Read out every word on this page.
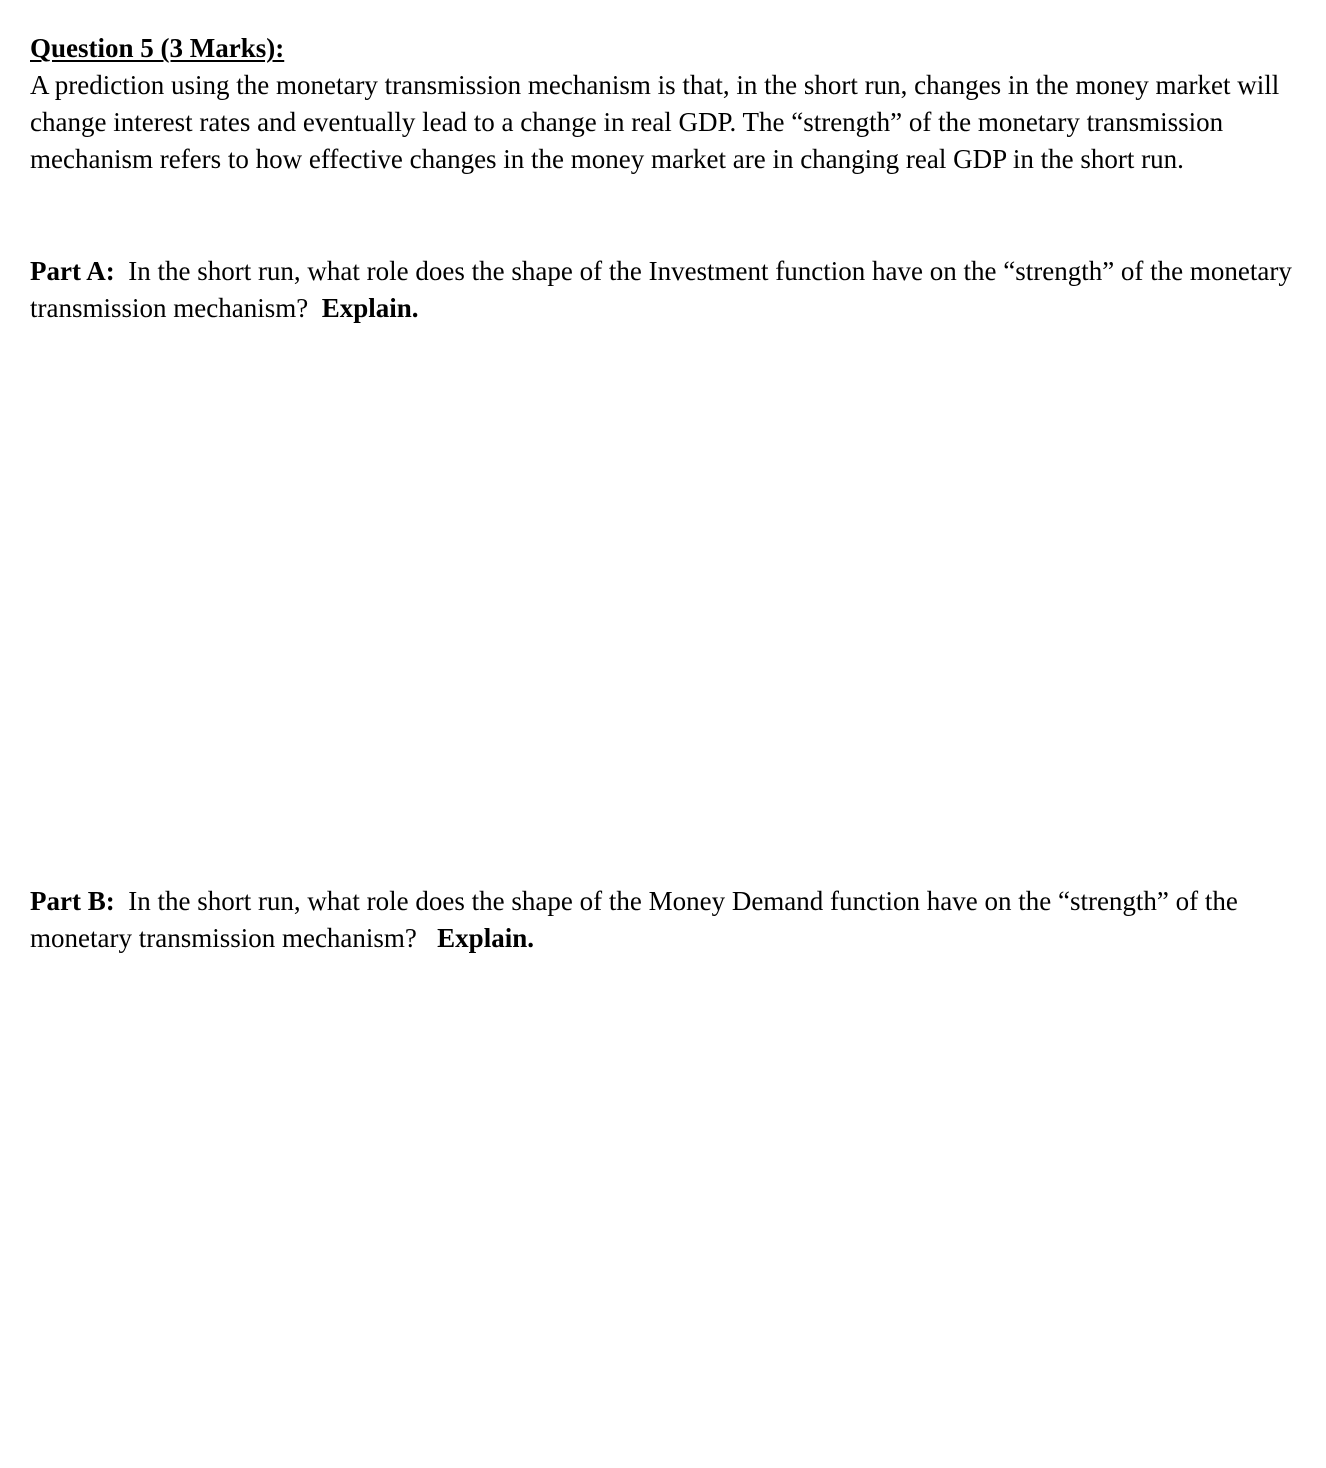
Question 5 (3 Marks):

A prediction using the monetary transmission mechanism is that, in the short run, changes in the money market will change interest rates and eventually lead to a change in real GDP. The “strength” of the monetary transmission mechanism refers to how effective changes in the money market are in changing real GDP in the short run.

Part A: In the short run, what role does the shape of the Investment function have on the “strength” of the monetary transmission mechanism? Explain.

Part B: In the short run, what role does the shape of the Money Demand function have on the “strength” of the monetary transmission mechanism? Explain.
